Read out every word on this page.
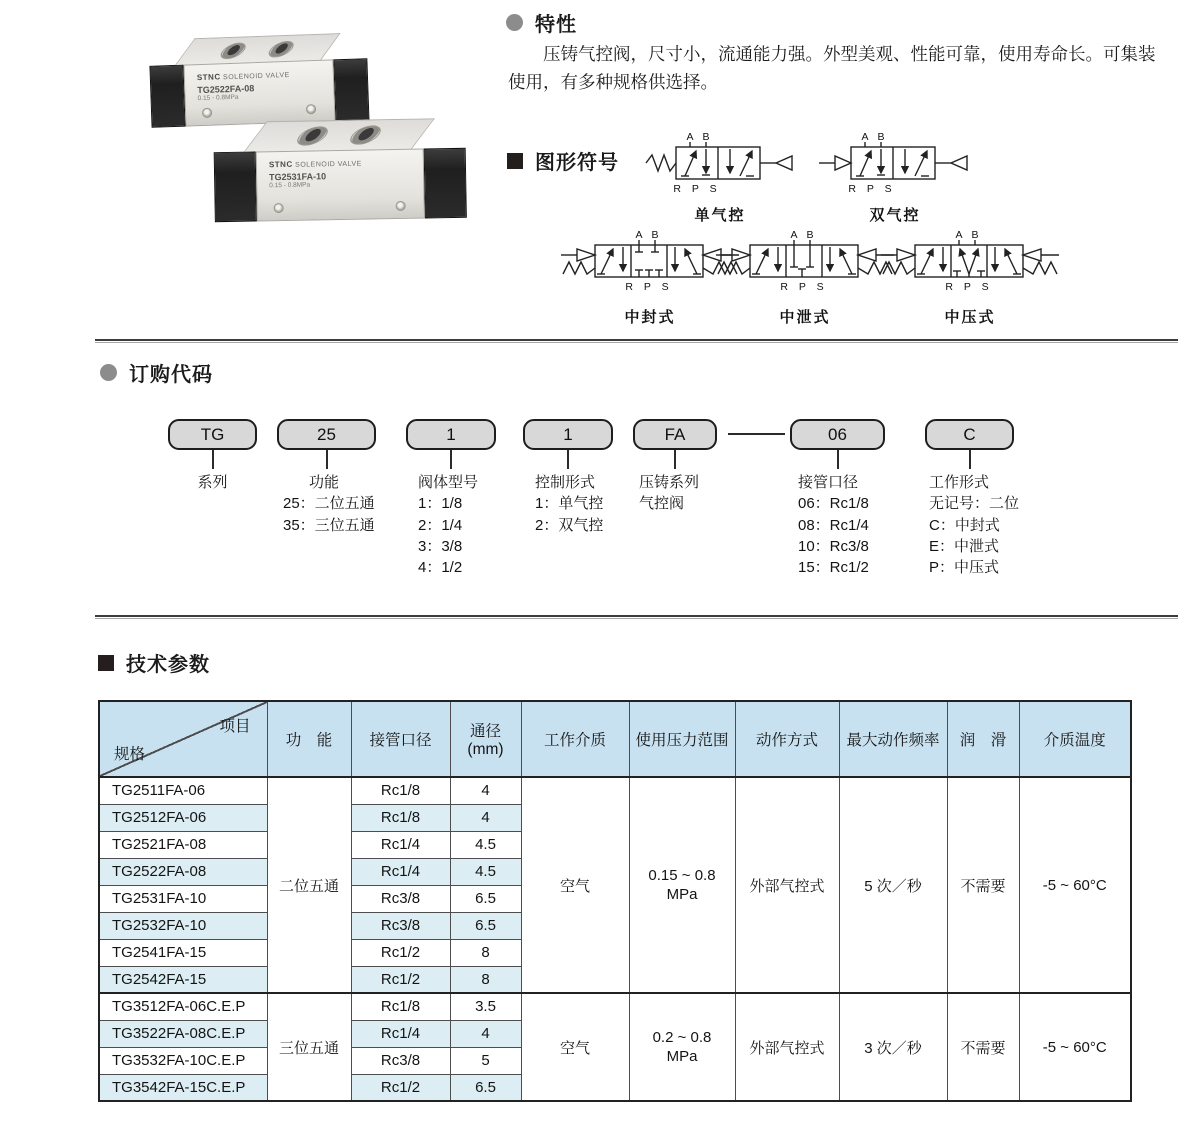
STNC SOLENOID VALVE
TG2522FA-08
0.15 - 0.8MPa
STNC SOLENOID VALVE
TG2531FA-10
0.15 - 0.8MPa
特性
压铸气控阀，尺寸小，流通能力强。外型美观、性能可靠，使用寿命长。可集装使用，有多种规格供选择。
图形符号
A B
R P S
单气控
A B
R P S
双气控
A B
R P S
中封式
A B
R P S
中泄式
A B
R P S
中压式
订购代码
TG
系列
25
功能
25：二位五通
35：三位五通
1
阀体型号
1：1/8
2：1/4
3：3/8
4：1/2
1
控制形式
1：单气控
2：双气控
FA
压铸系列
气控阀
06
接管口径
06：Rc1/8
08：Rc1/4
10：Rc3/8
15：Rc1/2
C
工作形式
无记号：二位
C：中封式
E：中泄式
P：中压式
技术参数
项目
规格	功　能	接管口径	通径 (mm)	工作介质	使用压力范围	动作方式	最大动作频率	润　滑	介质温度
TG2511FA-06	二位五通	Rc1/8	4	空气	0.15 ~ 0.8
MPa	外部气控式	5 次／秒	不需要	-5 ~ 60°C
TG2512FA-06		Rc1/8	4						
TG2521FA-08		Rc1/4	4.5						
TG2522FA-08		Rc1/4	4.5						
TG2531FA-10		Rc3/8	6.5						
TG2532FA-10		Rc3/8	6.5						
TG2541FA-15		Rc1/2	8						
TG2542FA-15		Rc1/2	8						
TG3512FA-06C.E.P	三位五通	Rc1/8	3.5	空气	0.2 ~ 0.8
MPa	外部气控式	3 次／秒	不需要	-5 ~ 60°C
TG3522FA-08C.E.P		Rc1/4	4						
TG3532FA-10C.E.P		Rc3/8	5						
TG3542FA-15C.E.P		Rc1/2	6.5						
